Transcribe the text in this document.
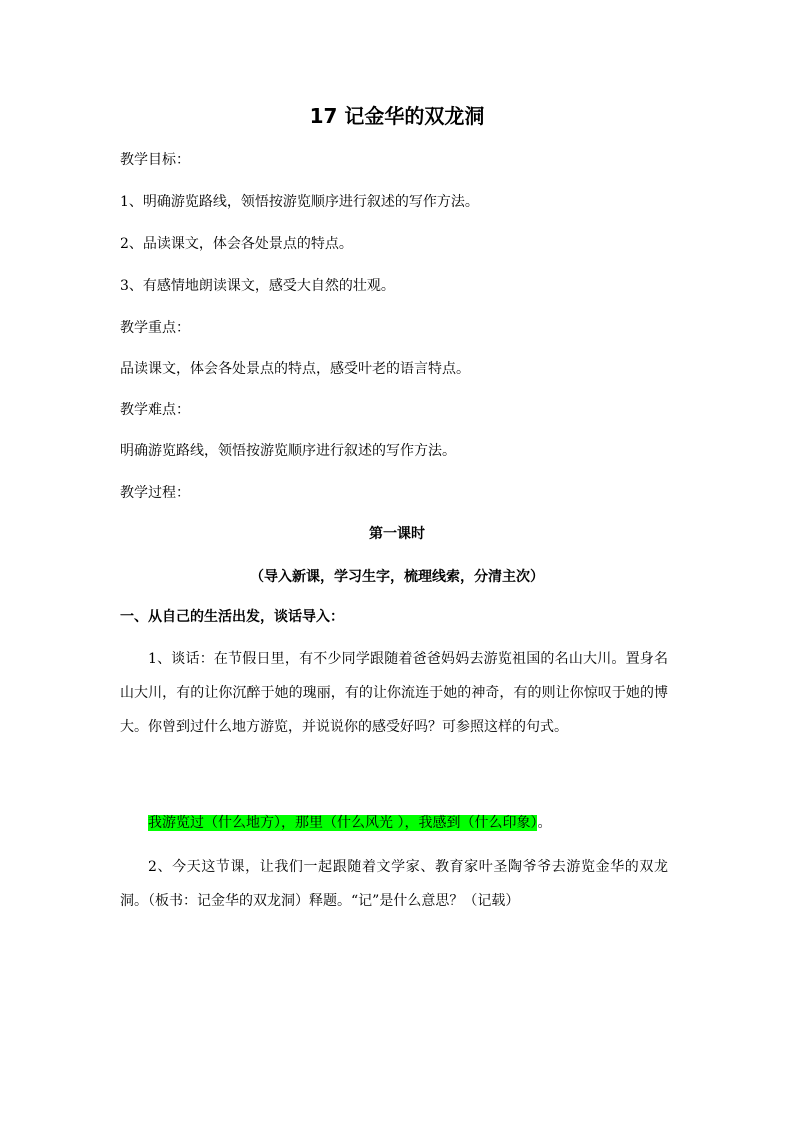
17 记金华的双龙洞

教学目标：

1、明确游览路线，领悟按游览顺序进行叙述的写作方法。

2、品读课文，体会各处景点的特点。

3、有感情地朗读课文，感受大自然的壮观。

教学重点：

品读课文，体会各处景点的特点，感受叶老的语言特点。

教学难点：

明确游览路线，领悟按游览顺序进行叙述的写作方法。

教学过程：

第一课时

（导入新课，学习生字，梳理线索，分清主次）

一、从自己的生活出发，谈话导入：

1、谈话：在节假日里，有不少同学跟随着爸爸妈妈去游览祖国的名山大川。置身名山大川，有的让你沉醉于她的瑰丽，有的让你流连于她的神奇，有的则让你惊叹于她的博大。你曾到过什么地方游览，并说说你的感受好吗？可参照这样的句式。

我游览过（什么地方），那里（什么风光 ），我感到（什么印象）。

2、今天这节课，让我们一起跟随着文学家、教育家叶圣陶爷爷去游览金华的双龙洞。（板书：记金华的双龙洞）释题。“记”是什么意思？（记载）
